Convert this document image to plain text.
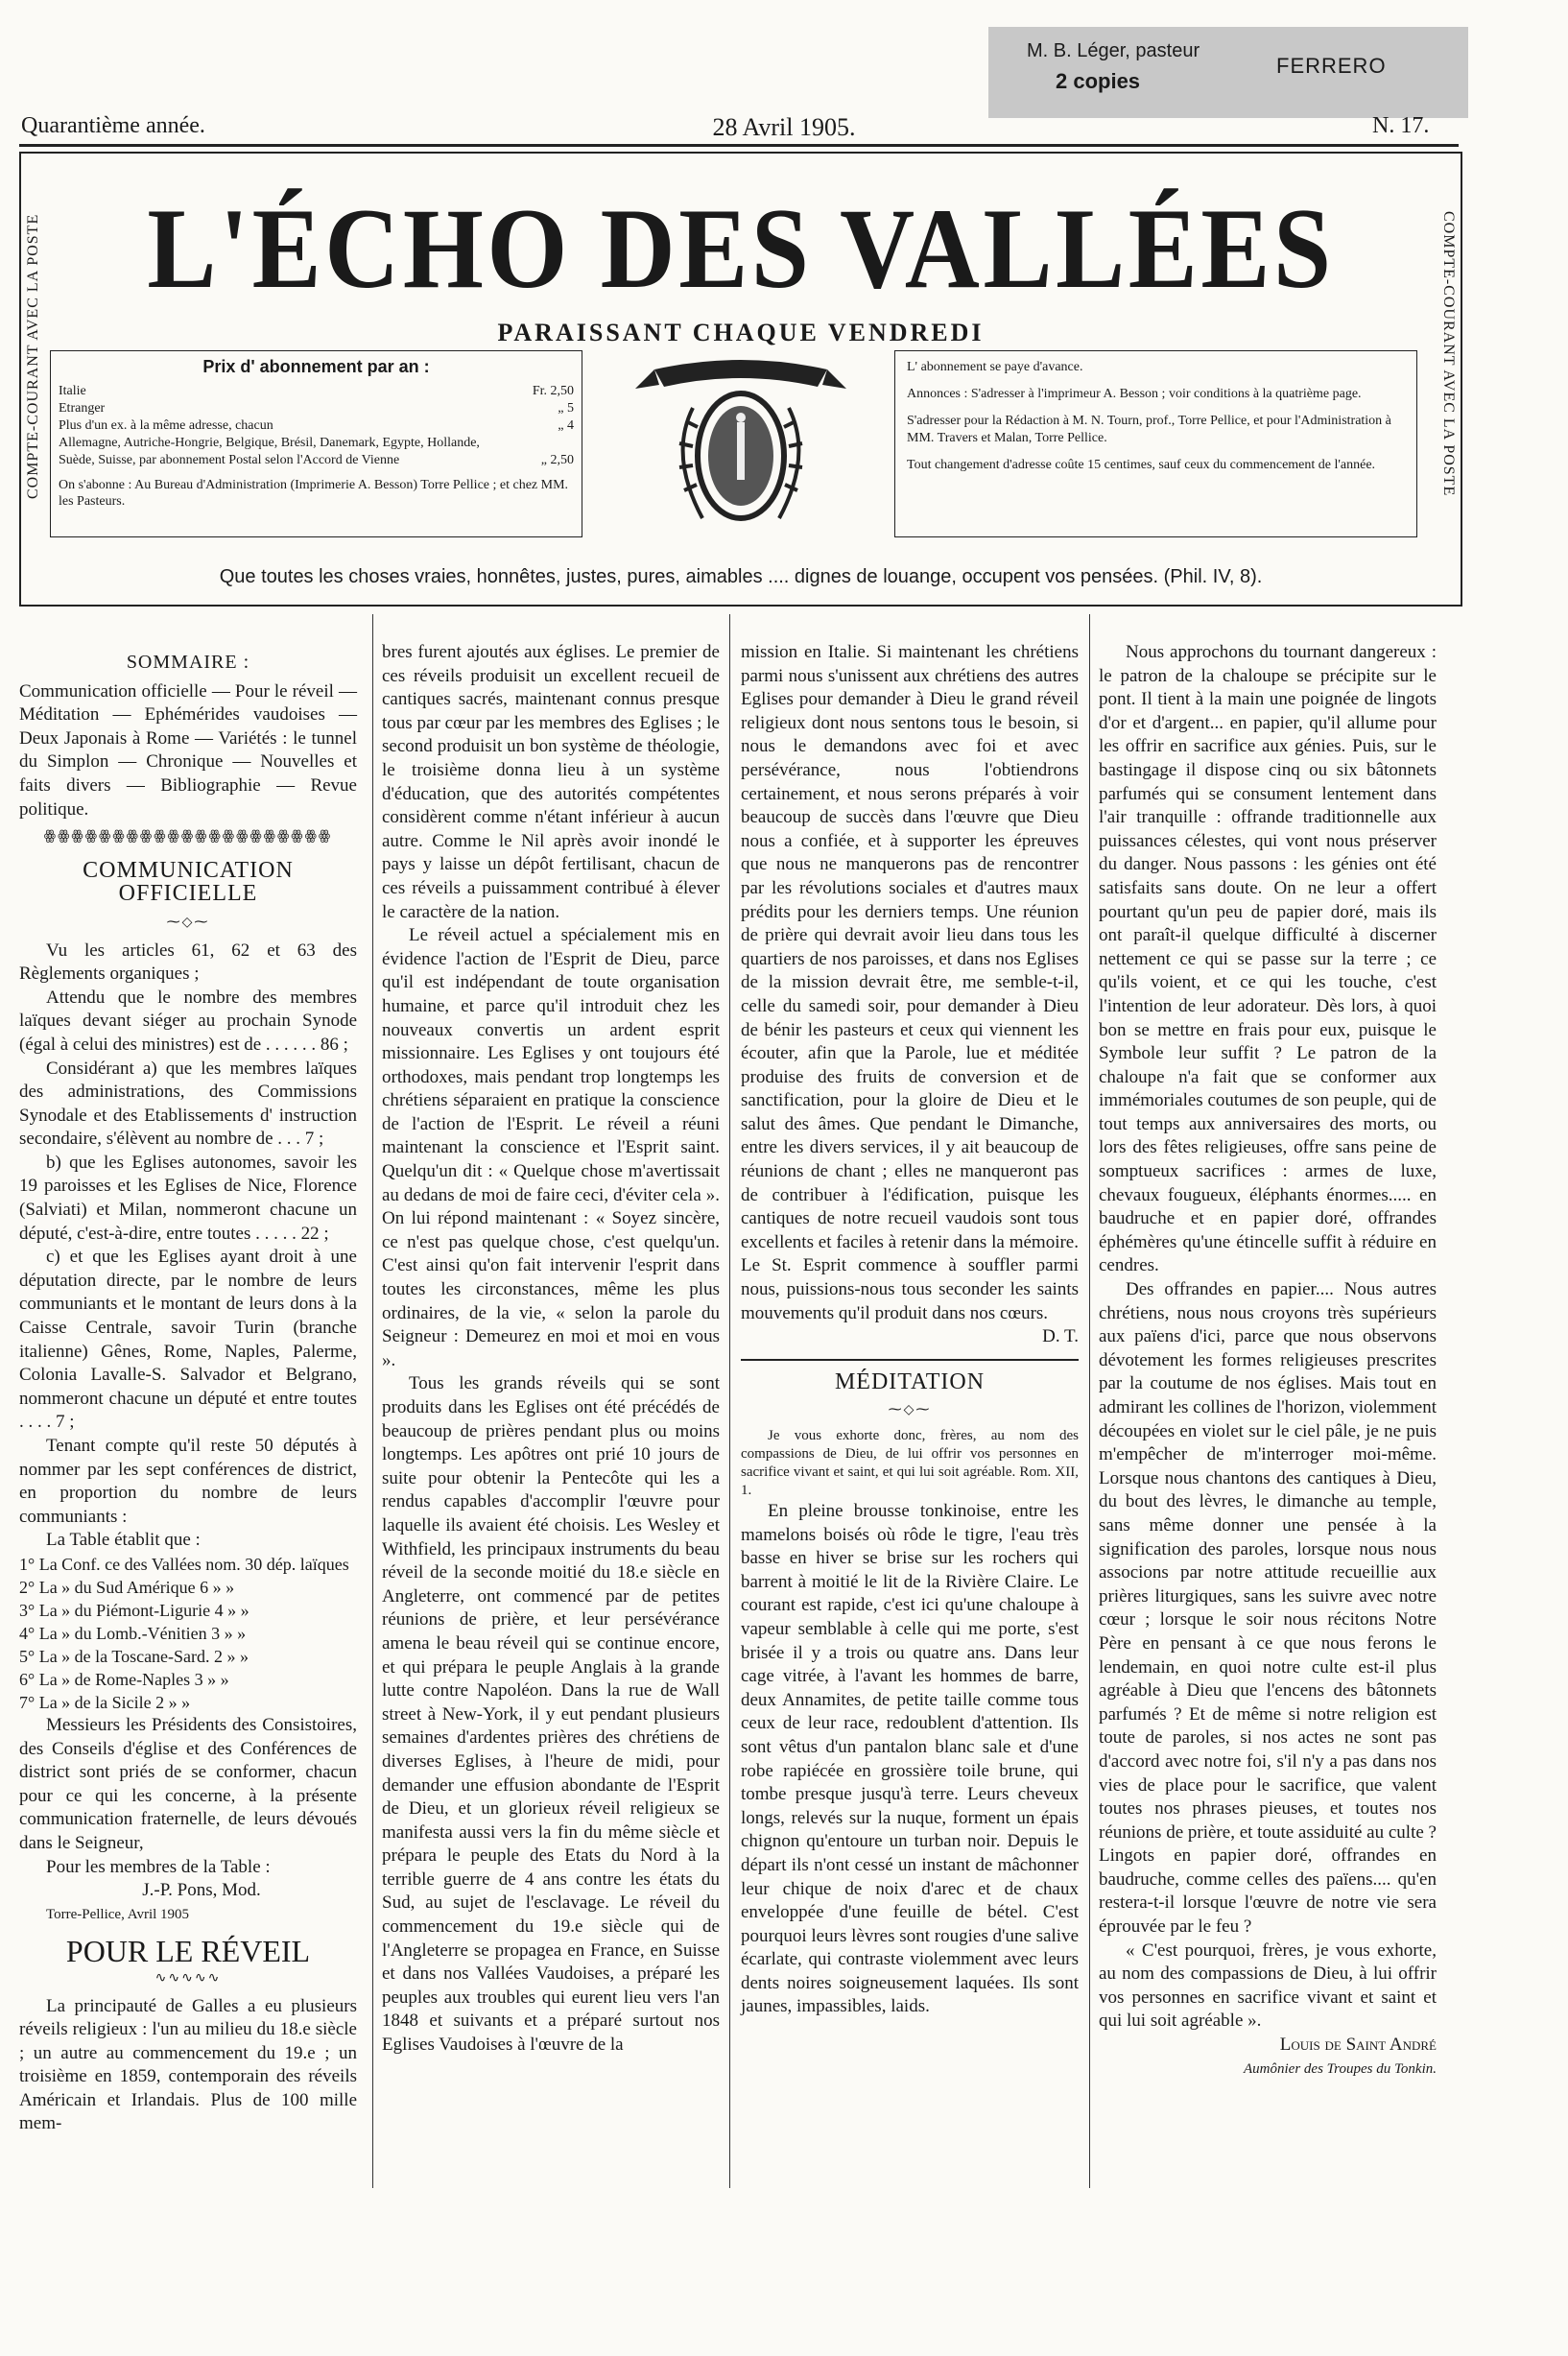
M. B. Léger, pasteur
2 copies
FERRERO
Quarantième année.	28 Avril 1905.	N. 17.
COMPTE-COURANT AVEC LA POSTE	COMPTE-COURANT AVEC LA POSTE
L'ÉCHO DES VALLÉES
PARAISSANT CHAQUE VENDREDI
Prix d' abonnement par an :
Italie	Fr. 2,50
Etranger	„ 5
Plus d'un ex. à la même adresse, chacun	„ 4
Allemagne, Autriche-Hongrie, Belgique, Brésil, Danemark, Egypte, Hollande, Suède, Suisse, par abonnement Postal selon l'Accord de Vienne	„ 2,50
On s'abonne : Au Bureau d'Administration (Imprimerie A. Besson) Torre Pellice ; et chez MM. les Pasteurs.

L' abonnement se paye d'avance.

Annonces : S'adresser à l'imprimeur A. Besson ; voir conditions à la quatrième page.

S'adresser pour la Rédaction à M. N. Tourn, prof., Torre Pellice, et pour l'Administration à MM. Travers et Malan, Torre Pellice.

Tout changement d'adresse coûte 15 centimes, sauf ceux du commencement de l'année.

Que toutes les choses vraies, honnêtes, justes, pures, aimables .... dignes de louange, occupent vos pensées. (Phil. IV, 8).
SOMMAIRE :

Communication officielle — Pour le réveil — Méditation — Ephémérides vaudoises — Deux Japonais à Rome — Variétés : le tunnel du Simplon — Chronique — Nouvelles et faits divers — Bibliographie — Revue politique.

ꙮꙮꙮꙮꙮꙮꙮꙮꙮꙮꙮꙮꙮꙮꙮꙮꙮꙮꙮꙮꙮ
COMMUNICATION OFFICIELLE
⁓◇⁓

Vu les articles 61, 62 et 63 des Règlements organiques ;

Attendu que le nombre des membres laïques devant siéger au prochain Synode (égal à celui des ministres) est de . . . . . . 86 ;

Considérant a) que les membres laïques des administrations, des Commissions Synodale et des Etablissements d' instruction secondaire, s'élèvent au nombre de . . . 7 ;

b) que les Eglises autonomes, savoir les 19 paroisses et les Eglises de Nice, Florence (Salviati) et Milan, nommeront chacune un député, c'est-à-dire, entre toutes . . . . . 22 ;

c) et que les Eglises ayant droit à une députation directe, par le nombre de leurs communiants et le montant de leurs dons à la Caisse Centrale, savoir Turin (branche italienne) Gênes, Rome, Naples, Palerme, Colonia Lavalle-S. Salvador et Belgrano, nommeront chacune un député et entre toutes . . . . 7 ;

Tenant compte qu'il reste 50 députés à nommer par les sept conférences de district, en proportion du nombre de leurs communiants :

La Table établit que :

1° La Conf. ce des Vallées nom. 30 dép. laïques
2° La » du Sud Amérique 6 » »
3° La » du Piémont-Ligurie 4 » »
4° La » du Lomb.-Vénitien 3 » »
5° La » de la Toscane-Sard. 2 » »
6° La » de Rome-Naples 3 » »
7° La » de la Sicile 2 » »

Messieurs les Présidents des Consistoires, des Conseils d'église et des Conférences de district sont priés de se conformer, chacun pour ce qui les concerne, à la présente communication fraternelle, de leurs dévoués dans le Seigneur,

Pour les membres de la Table :

J.-P. Pons, Mod.

Torre-Pellice, Avril 1905

POUR LE RÉVEIL
∿∿∿∿∿

La principauté de Galles a eu plusieurs réveils religieux : l'un au milieu du 18.e siècle ; un autre au commencement du 19.e ; un troisième en 1859, contemporain des réveils Américain et Irlandais. Plus de 100 mille mem-

bres furent ajoutés aux églises. Le premier de ces réveils produisit un excellent recueil de cantiques sacrés, maintenant connus presque tous par cœur par les membres des Eglises ; le second produisit un bon système de théologie, le troisième donna lieu à un système d'éducation, que des autorités compétentes considèrent comme n'étant inférieur à aucun autre. Comme le Nil après avoir inondé le pays y laisse un dépôt fertilisant, chacun de ces réveils a puissamment contribué à élever le caractère de la nation.

Le réveil actuel a spécialement mis en évidence l'action de l'Esprit de Dieu, parce qu'il est indépendant de toute organisation humaine, et parce qu'il introduit chez les nouveaux convertis un ardent esprit missionnaire. Les Eglises y ont toujours été orthodoxes, mais pendant trop longtemps les chrétiens séparaient en pratique la conscience de l'action de l'Esprit. Le réveil a réuni maintenant la conscience et l'Esprit saint. Quelqu'un dit : « Quelque chose m'avertissait au dedans de moi de faire ceci, d'éviter cela ». On lui répond maintenant : « Soyez sincère, ce n'est pas quelque chose, c'est quelqu'un. C'est ainsi qu'on fait intervenir l'esprit dans toutes les circonstances, même les plus ordinaires, de la vie, « selon la parole du Seigneur : Demeurez en moi et moi en vous ».

Tous les grands réveils qui se sont produits dans les Eglises ont été précédés de beaucoup de prières pendant plus ou moins longtemps. Les apôtres ont prié 10 jours de suite pour obtenir la Pentecôte qui les a rendus capables d'accomplir l'œuvre pour laquelle ils avaient été choisis. Les Wesley et Withfield, les principaux instruments du beau réveil de la seconde moitié du 18.e siècle en Angleterre, ont commencé par de petites réunions de prière, et leur persévérance amena le beau réveil qui se continue encore, et qui prépara le peuple Anglais à la grande lutte contre Napoléon. Dans la rue de Wall street à New-York, il y eut pendant plusieurs semaines d'ardentes prières des chrétiens de diverses Eglises, à l'heure de midi, pour demander une effusion abondante de l'Esprit de Dieu, et un glorieux réveil religieux se manifesta aussi vers la fin du même siècle et prépara le peuple des Etats du Nord à la terrible guerre de 4 ans contre les états du Sud, au sujet de l'esclavage. Le réveil du commencement du 19.e siècle qui de l'Angleterre se propagea en France, en Suisse et dans nos Vallées Vaudoises, a préparé les peuples aux troubles qui eurent lieu vers l'an 1848 et suivants et a préparé surtout nos Eglises Vaudoises à l'œuvre de la

mission en Italie. Si maintenant les chrétiens parmi nous s'unissent aux chrétiens des autres Eglises pour demander à Dieu le grand réveil religieux dont nous sentons tous le besoin, si nous le demandons avec foi et avec persévérance, nous l'obtiendrons certainement, et nous serons préparés à voir beaucoup de succès dans l'œuvre que Dieu nous a confiée, et à supporter les épreuves que nous ne manquerons pas de rencontrer par les révolutions sociales et d'autres maux prédits pour les derniers temps. Une réunion de prière qui devrait avoir lieu dans tous les quartiers de nos paroisses, et dans nos Eglises de la mission devrait être, me semble-t-il, celle du samedi soir, pour demander à Dieu de bénir les pasteurs et ceux qui viennent les écouter, afin que la Parole, lue et méditée produise des fruits de conversion et de sanctification, pour la gloire de Dieu et le salut des âmes. Que pendant le Dimanche, entre les divers services, il y ait beaucoup de réunions de chant ; elles ne manqueront pas de contribuer à l'édification, puisque les cantiques de notre recueil vaudois sont tous excellents et faciles à retenir dans la mémoire. Le St. Esprit commence à souffler parmi nous, puissions-nous tous seconder les saints mouvements qu'il produit dans nos cœurs.

D. T.

MÉDITATION
⁓◇⁓

Je vous exhorte donc, frères, au nom des compassions de Dieu, de lui offrir vos personnes en sacrifice vivant et saint, et qui lui soit agréable. Rom. XII, 1.

En pleine brousse tonkinoise, entre les mamelons boisés où rôde le tigre, l'eau très basse en hiver se brise sur les rochers qui barrent à moitié le lit de la Rivière Claire. Le courant est rapide, c'est ici qu'une chaloupe à vapeur semblable à celle qui me porte, s'est brisée il y a trois ou quatre ans. Dans leur cage vitrée, à l'avant les hommes de barre, deux Annamites, de petite taille comme tous ceux de leur race, redoublent d'attention. Ils sont vêtus d'un pantalon blanc sale et d'une robe rapiécée en grossière toile brune, qui tombe presque jusqu'à terre. Leurs cheveux longs, relevés sur la nuque, forment un épais chignon qu'entoure un turban noir. Depuis le départ ils n'ont cessé un instant de mâchonner leur chique de noix d'arec et de chaux enveloppée d'une feuille de bétel. C'est pourquoi leurs lèvres sont rougies d'une salive écarlate, qui contraste violemment avec leurs dents noires soigneusement laquées. Ils sont jaunes, impassibles, laids.

Nous approchons du tournant dangereux : le patron de la chaloupe se précipite sur le pont. Il tient à la main une poignée de lingots d'or et d'argent... en papier, qu'il allume pour les offrir en sacrifice aux génies. Puis, sur le bastingage il dispose cinq ou six bâtonnets parfumés qui se consument lentement dans l'air tranquille : offrande traditionnelle aux puissances célestes, qui vont nous préserver du danger. Nous passons : les génies ont été satisfaits sans doute. On ne leur a offert pourtant qu'un peu de papier doré, mais ils ont paraît-il quelque difficulté à discerner nettement ce qui se passe sur la terre ; ce qu'ils voient, et ce qui les touche, c'est l'intention de leur adorateur. Dès lors, à quoi bon se mettre en frais pour eux, puisque le Symbole leur suffit ? Le patron de la chaloupe n'a fait que se conformer aux immémoriales coutumes de son peuple, qui de tout temps aux anniversaires des morts, ou lors des fêtes religieuses, offre sans peine de somptueux sacrifices : armes de luxe, chevaux fougueux, éléphants énormes..... en baudruche et en papier doré, offrandes éphémères qu'une étincelle suffit à réduire en cendres.

Des offrandes en papier.... Nous autres chrétiens, nous nous croyons très supérieurs aux païens d'ici, parce que nous observons dévotement les formes religieuses prescrites par la coutume de nos églises. Mais tout en admirant les collines de l'horizon, violemment découpées en violet sur le ciel pâle, je ne puis m'empêcher de m'interroger moi-même. Lorsque nous chantons des cantiques à Dieu, du bout des lèvres, le dimanche au temple, sans même donner une pensée à la signification des paroles, lorsque nous nous associons par notre attitude recueillie aux prières liturgiques, sans les suivre avec notre cœur ; lorsque le soir nous récitons Notre Père en pensant à ce que nous ferons le lendemain, en quoi notre culte est-il plus agréable à Dieu que l'encens des bâtonnets parfumés ? Et de même si notre religion est toute de paroles, si nos actes ne sont pas d'accord avec notre foi, s'il n'y a pas dans nos vies de place pour le sacrifice, que valent toutes nos phrases pieuses, et toutes nos réunions de prière, et toute assiduité au culte ? Lingots en papier doré, offrandes en baudruche, comme celles des païens.... qu'en restera-t-il lorsque l'œuvre de notre vie sera éprouvée par le feu ?

« C'est pourquoi, frères, je vous exhorte, au nom des compassions de Dieu, à lui offrir vos personnes en sacrifice vivant et saint et qui lui soit agréable ».

Louis de Saint André

Aumônier des Troupes du Tonkin.
